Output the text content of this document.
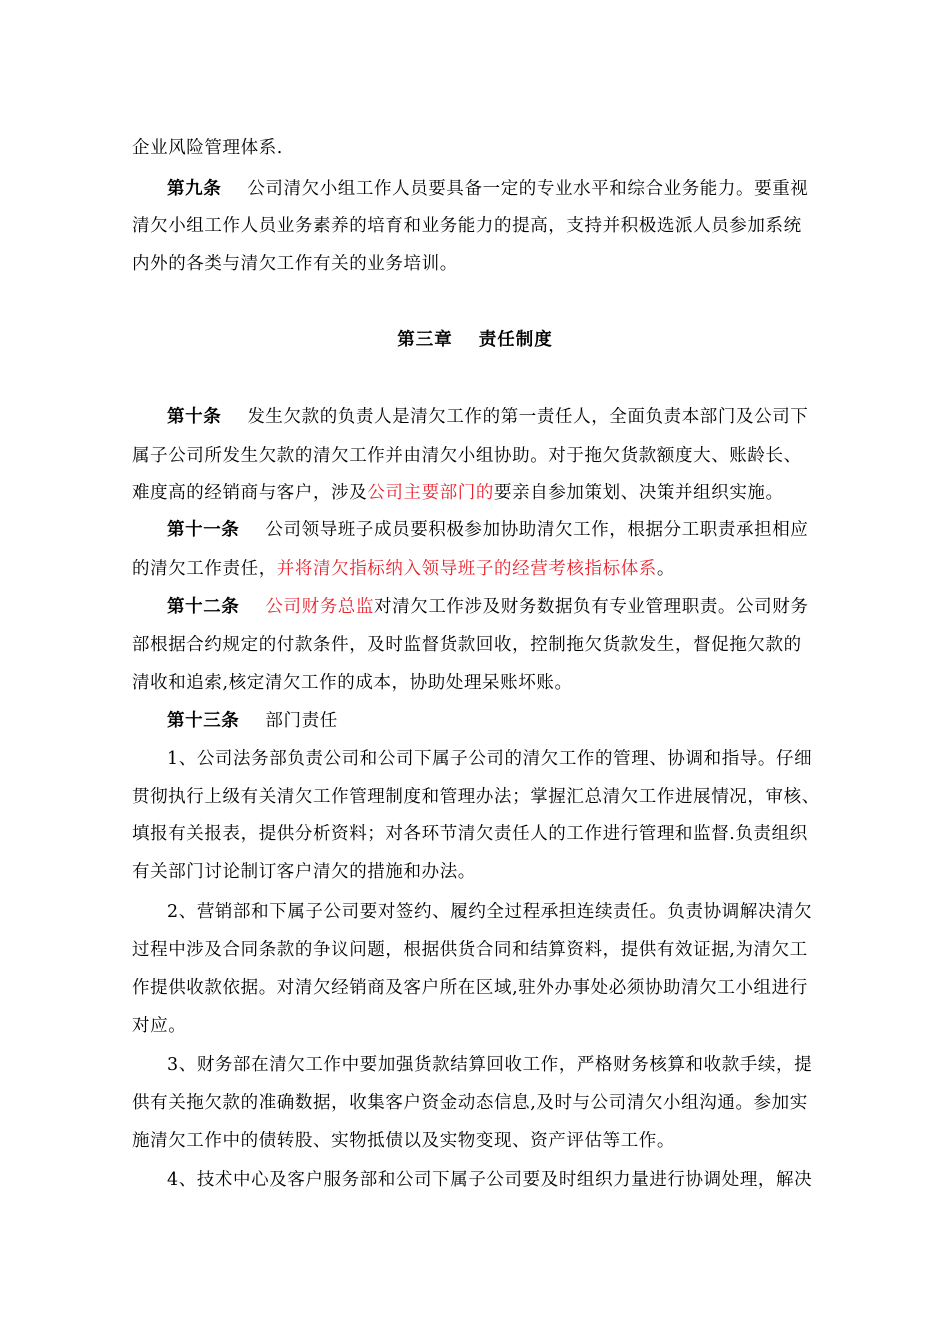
企业风险管理体系.
第九条 公司清欠小组工作人员要具备一定的专业水平和综合业务能力。要重视
清欠小组工作人员业务素养的培育和业务能力的提高，支持并积极选派人员参加系统
内外的各类与清欠工作有关的业务培训。
第三章 责任制度
第十条 发生欠款的负责人是清欠工作的第一责任人，全面负责本部门及公司下
属子公司所发生欠款的清欠工作并由清欠小组协助。对于拖欠货款额度大、账龄长、
难度高的经销商与客户，涉及公司主要部门的要亲自参加策划、决策并组织实施。
第十一条 公司领导班子成员要积极参加协助清欠工作，根据分工职责承担相应
的清欠工作责任，并将清欠指标纳入领导班子的经营考核指标体系。
第十二条 公司财务总监对清欠工作涉及财务数据负有专业管理职责。公司财务
部根据合约规定的付款条件，及时监督货款回收，控制拖欠货款发生，督促拖欠款的
清收和追索,核定清欠工作的成本，协助处理呆账坏账。
第十三条 部门责任
1、公司法务部负责公司和公司下属子公司的清欠工作的管理、协调和指导。仔细
贯彻执行上级有关清欠工作管理制度和管理办法；掌握汇总清欠工作进展情况，审核、
填报有关报表，提供分析资料；对各环节清欠责任人的工作进行管理和监督.负责组织
有关部门讨论制订客户清欠的措施和办法。
2、营销部和下属子公司要对签约、履约全过程承担连续责任。负责协调解决清欠
过程中涉及合同条款的争议问题，根据供货合同和结算资料，提供有效证据,为清欠工
作提供收款依据。对清欠经销商及客户所在区域,驻外办事处必须协助清欠工小组进行
对应。
3、财务部在清欠工作中要加强货款结算回收工作，严格财务核算和收款手续，提
供有关拖欠款的准确数据，收集客户资金动态信息,及时与公司清欠小组沟通。参加实
施清欠工作中的债转股、实物抵债以及实物变现、资产评估等工作。
4、技术中心及客户服务部和公司下属子公司要及时组织力量进行协调处理，解决
